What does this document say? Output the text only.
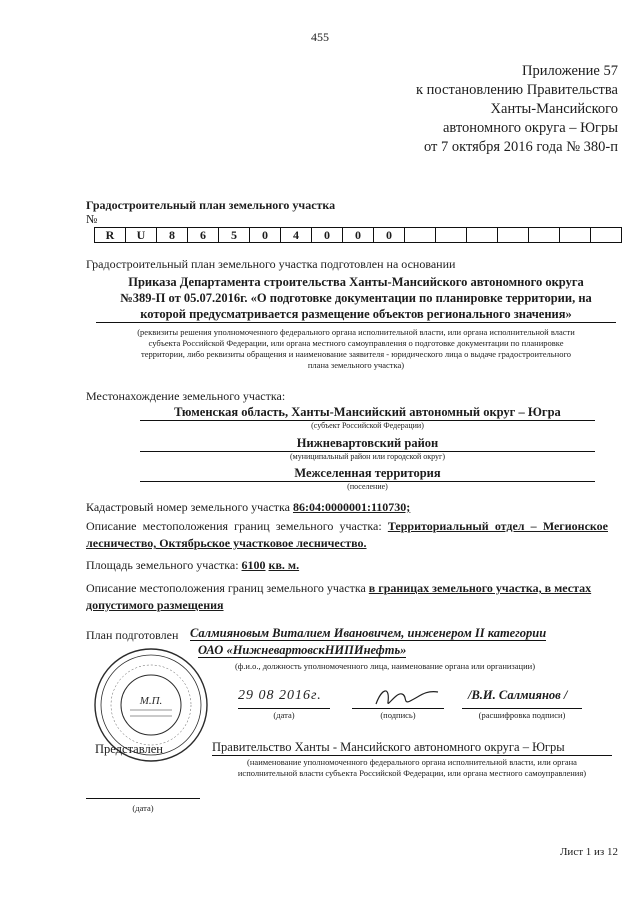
455
Приложение 57
к постановлению Правительства
Ханты-Мансийского
автономного округа – Югры
от 7 октября 2016 года № 380-п
Градостроительный план земельного участка
№
R	U	8	6	5	0	4	0	0	0
Градостроительный план земельного участка подготовлен на основании
Приказа Департамента строительства Ханты-Мансийского автономного округа
№389-П от 05.07.2016г. «О подготовке документации по планировке территории, на
которой предусматривается размещение объектов регионального значения»
(реквизиты решения уполномоченного федерального органа исполнительной власти, или органа исполнительной власти
субъекта Российской Федерации, или органа местного самоуправления о подготовке документации по планировке
территории, либо реквизиты обращения и наименование заявителя - юридического лица о выдаче градостроительного
плана земельного участка)
Местонахождение земельного участка:
Тюменская область, Ханты-Мансийский автономный округ – Югра
(субъект Российской Федерации)
Нижневартовский район
(муниципальный район или городской округ)
Межселенная территория
(поселение)
Кадастровый номер земельного участка 86:04:0000001:110730;
Описание местоположения границ земельного участка: Территориальный отдел – Мегионское лесничество, Октябрьское участковое лесничество.
Площадь земельного участка: 6100 кв. м.
Описание местоположения границ земельного участка в границах земельного участка, в местах допустимого размещения
План подготовлен Салмияновым Виталием Ивановичем, инженером II категории
ОАО «НижневартовскНИПИнефть»
(ф.и.о., должность уполномоченного лица, наименование органа или организации)
М.П.	29 08 2016г.
(дата)	(подпись)
/В.И. Салмиянов /
(расшифровка подписи)
Представлен	Правительство Ханты - Мансийского автономного округа – Югры
(наименование уполномоченного федерального органа исполнительной власти, или органа
исполнительной власти субъекта Российской Федерации, или органа местного самоуправления)
(дата)
Лист 1 из 12
